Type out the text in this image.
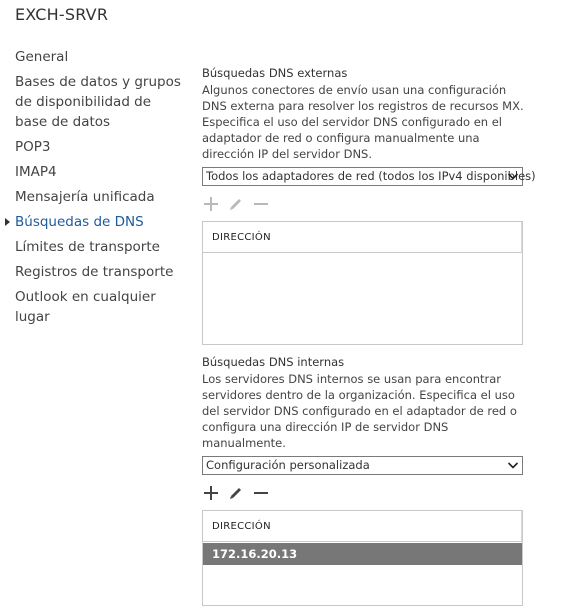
EXCH-SRVR
General
Bases de datos y grupos de disponibilidad de base de datos
POP3
IMAP4
Mensajería unificada
Búsquedas de DNS
Límites de transporte
Registros de transporte
Outlook en cualquier lugar
Búsquedas DNS externas
Algunos conectores de envío usan una configuración DNS externa para resolver los registros de recursos MX. Especifica el uso del servidor DNS configurado en el adaptador de red o configura manualmente una dirección IP del servidor DNS.
Todos los adaptadores de red (todos los IPv4 disponibles)
DIRECCIÓN
Búsquedas DNS internas
Los servidores DNS internos se usan para encontrar servidores dentro de la organización. Especifica el uso del servidor DNS configurado en el adaptador de red o configura una dirección IP de servidor DNS manualmente.
Configuración personalizada
DIRECCIÓN
172.16.20.13
